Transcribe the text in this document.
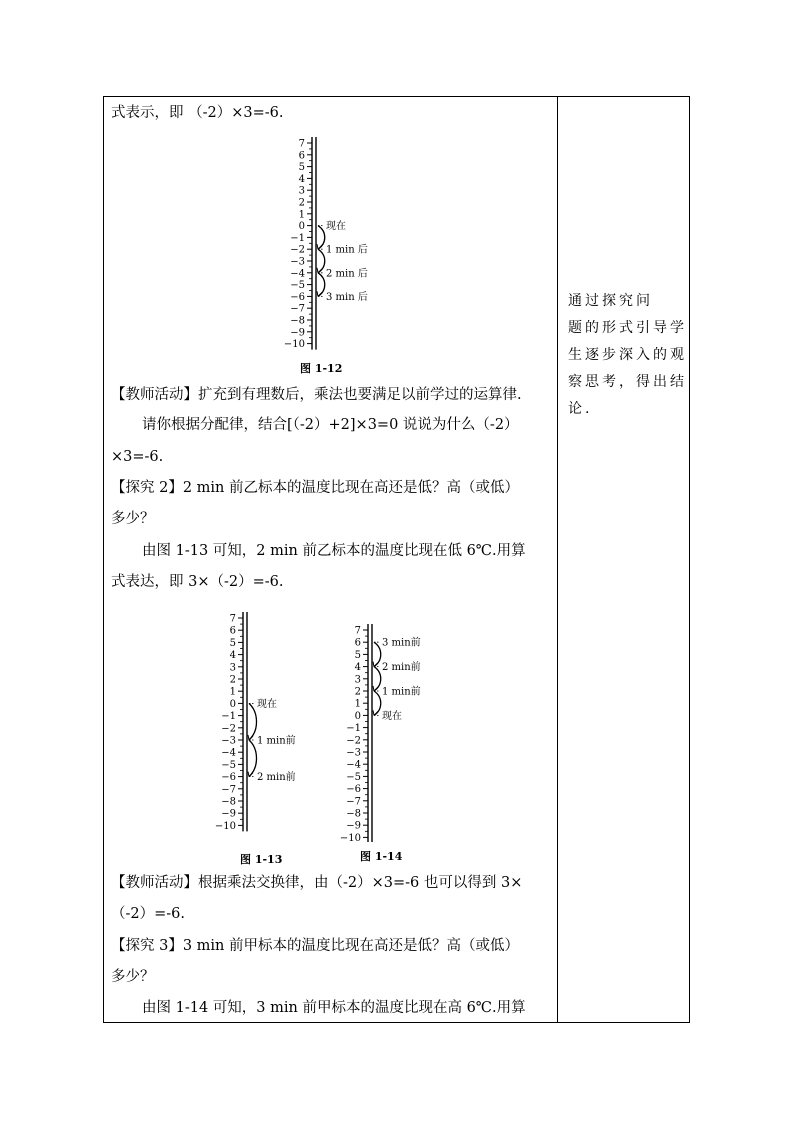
式表示，即 （-2）×3=-6.
7
6
5
4
3
2
1
0
−1
−2
−3
−4
−5
−6
−7
−8
−9
−10
现在
1 min 后
2 min 后
3 min 后
图 1-12
【教师活动】扩充到有理数后，乘法也要满足以前学过的运算律.
请你根据分配律，结合[（-2）+2]×3=0 说说为什么（-2）
×3=-6.
【探究 2】2 min 前乙标本的温度比现在高还是低？高（或低）
多少？
由图 1-13 可知，2 min 前乙标本的温度比现在低 6℃.用算
式表达，即 3×（-2）=-6.
7
6
5
4
3
2
1
0
−1
−2
−3
−4
−5
−6
−7
−8
−9
−10
现在
1 min前
2 min前
图 1-13
7
6
5
4
3
2
1
0
−1
−2
−3
−4
−5
−6
−7
−8
−9
−10
3 min前
2 min前
1 min前
现在
图 1-14
【教师活动】根据乘法交换律，由（-2）×3=-6 也可以得到 3×
（-2）=-6.
【探究 3】3 min 前甲标本的温度比现在高还是低？高（或低）
多少？
由图 1-14 可知，3 min 前甲标本的温度比现在高 6℃.用算
通过探究问
题的形式引导学
生逐步深入的观
察思考，得出结
论.
